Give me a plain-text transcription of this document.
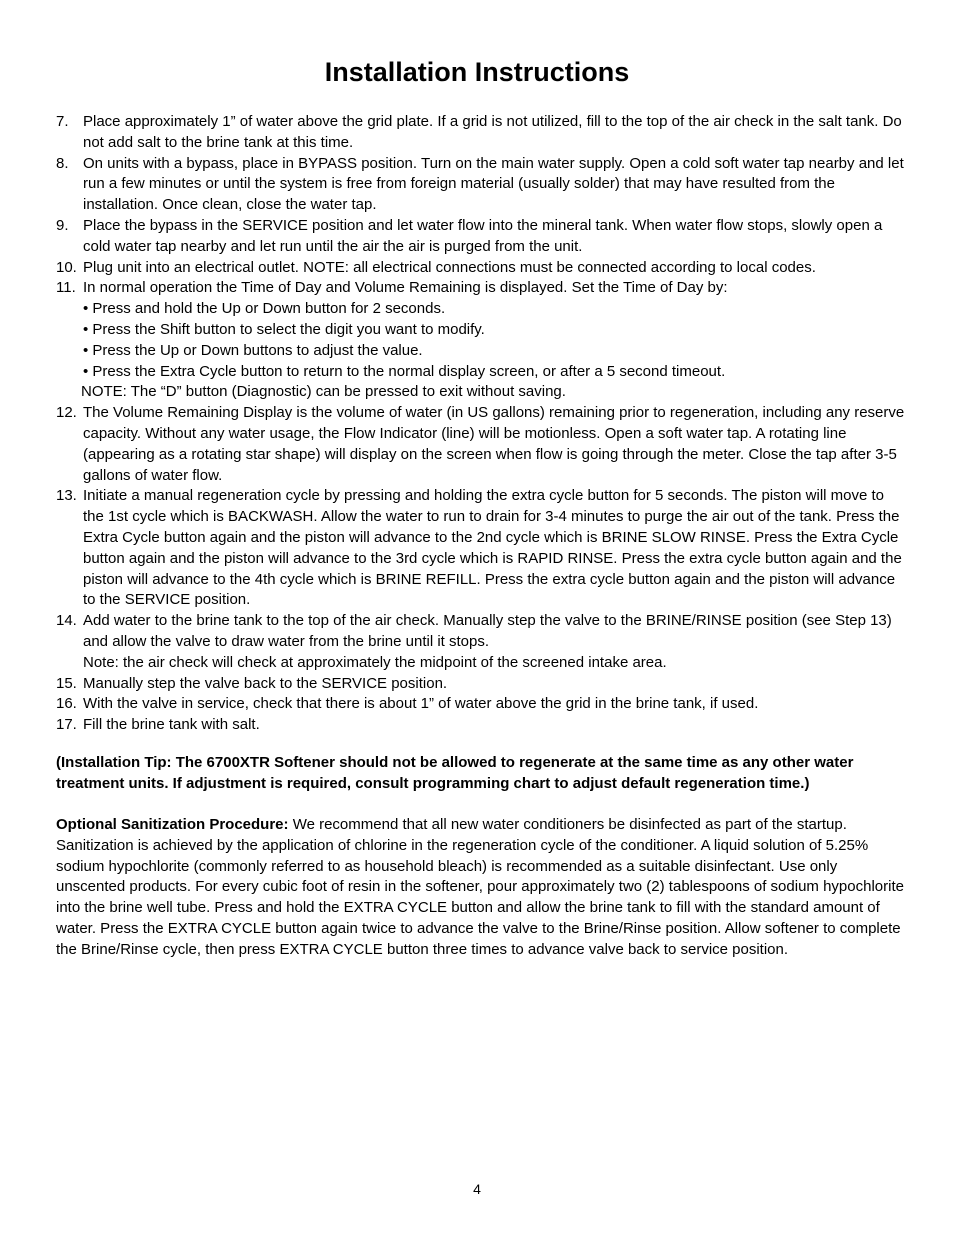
Installation Instructions
7. Place approximately 1” of water above the grid plate. If a grid is not utilized, fill to the top of the air check in the salt tank. Do not add salt to the brine tank at this time.
8. On units with a bypass, place in BYPASS position. Turn on the main water supply. Open a cold soft water tap nearby and let run a few minutes or until the system is free from foreign material (usually solder) that may have resulted from the installation. Once clean, close the water tap.
9. Place the bypass in the SERVICE position and let water flow into the mineral tank. When water flow stops, slowly open a cold water tap nearby and let run until the air the air is purged from the unit.
10. Plug unit into an electrical outlet. NOTE: all electrical connections must be connected according to local codes.
11. In normal operation the Time of Day and Volume Remaining is displayed. Set the Time of Day by:
• Press and hold the Up or Down button for 2 seconds.
• Press the Shift button to select the digit you want to modify.
• Press the Up or Down buttons to adjust the value.
• Press the Extra Cycle button to return to the normal display screen, or after a 5 second timeout.
NOTE: The “D” button (Diagnostic) can be pressed to exit without saving.
12. The Volume Remaining Display is the volume of water (in US gallons) remaining prior to regeneration, including any reserve capacity. Without any water usage, the Flow Indicator (line) will be motionless. Open a soft water tap. A rotating line (appearing as a rotating star shape) will display on the screen when flow is going through the meter. Close the tap after 3-5 gallons of water flow.
13. Initiate a manual regeneration cycle by pressing and holding the extra cycle button for 5 seconds. The piston will move to the 1st cycle which is BACKWASH. Allow the water to run to drain for 3-4 minutes to purge the air out of the tank. Press the Extra Cycle button again and the piston will advance to the 2nd cycle which is BRINE SLOW RINSE. Press the Extra Cycle button again and the piston will advance to the 3rd cycle which is RAPID RINSE. Press the extra cycle button again and the piston will advance to the 4th cycle which is BRINE REFILL. Press the extra cycle button again and the piston will advance to the SERVICE position.
14. Add water to the brine tank to the top of the air check. Manually step the valve to the BRINE/RINSE position (see Step 13) and allow the valve to draw water from the brine until it stops.
Note: the air check will check at approximately the midpoint of the screened intake area.
15. Manually step the valve back to the SERVICE position.
16. With the valve in service, check that there is about 1” of water above the grid in the brine tank, if used.
17. Fill the brine tank with salt.
(Installation Tip: The 6700XTR Softener should not be allowed to regenerate at the same time as any other water treatment units. If adjustment is required, consult programming chart to adjust default regeneration time.)
Optional Sanitization Procedure: We recommend that all new water conditioners be disinfected as part of the startup. Sanitization is achieved by the application of chlorine in the regeneration cycle of the conditioner. A liquid solution of 5.25% sodium hypochlorite (commonly referred to as household bleach) is recommended as a suitable disinfectant. Use only unscented products. For every cubic foot of resin in the softener, pour approximately two (2) tablespoons of sodium hypochlorite into the brine well tube. Press and hold the EXTRA CYCLE button and allow the brine tank to fill with the standard amount of water. Press the EXTRA CYCLE button again twice to advance the valve to the Brine/Rinse position. Allow softener to complete the Brine/Rinse cycle, then press EXTRA CYCLE button three times to advance valve back to service position.
4
